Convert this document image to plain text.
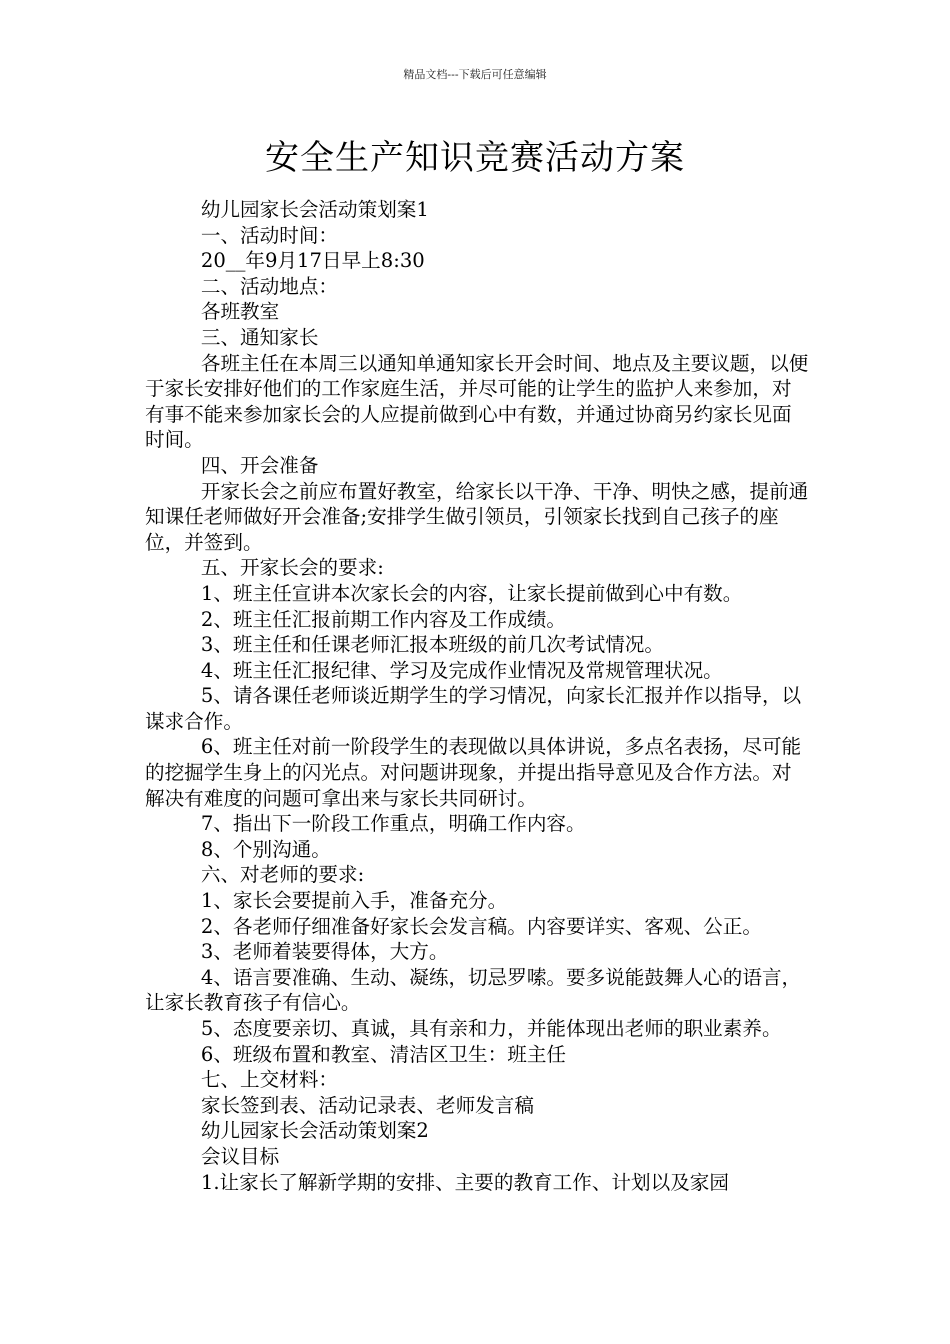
精品文档---下载后可任意编辑
安全生产知识竞赛活动方案

幼儿园家长会活动策划案1

一、活动时间：

20__年9月17日早上8:30

二、活动地点：

各班教室

三、通知家长

各班主任在本周三以通知单通知家长开会时间、地点及主要议题，以便于家长安排好他们的工作家庭生活，并尽可能的让学生的监护人来参加，对有事不能来参加家长会的人应提前做到心中有数，并通过协商另约家长见面时间。

四、开会准备

开家长会之前应布置好教室，给家长以干净、干净、明快之感，提前通知课任老师做好开会准备;安排学生做引领员，引领家长找到自己孩子的座位，并签到。

五、开家长会的要求:

1、班主任宣讲本次家长会的内容，让家长提前做到心中有数。

2、班主任汇报前期工作内容及工作成绩。

3、班主任和任课老师汇报本班级的前几次考试情况。

4、班主任汇报纪律、学习及完成作业情况及常规管理状况。

5、请各课任老师谈近期学生的学习情况，向家长汇报并作以指导，以谋求合作。

6、班主任对前一阶段学生的表现做以具体讲说，多点名表扬，尽可能的挖掘学生身上的闪光点。对问题讲现象，并提出指导意见及合作方法。对解决有难度的问题可拿出来与家长共同研讨。

7、指出下一阶段工作重点，明确工作内容。

8、个别沟通。

六、对老师的要求:

1、家长会要提前入手，准备充分。

2、各老师仔细准备好家长会发言稿。内容要详实、客观、公正。

3、老师着装要得体，大方。

4、语言要准确、生动、凝练，切忌罗嗦。要多说能鼓舞人心的语言，让家长教育孩子有信心。

5、态度要亲切、真诚，具有亲和力，并能体现出老师的职业素养。

6、班级布置和教室、清洁区卫生：班主任

七、上交材料：

家长签到表、活动记录表、老师发言稿

幼儿园家长会活动策划案2

会议目标

1.让家长了解新学期的安排、主要的教育工作、计划以及家园
